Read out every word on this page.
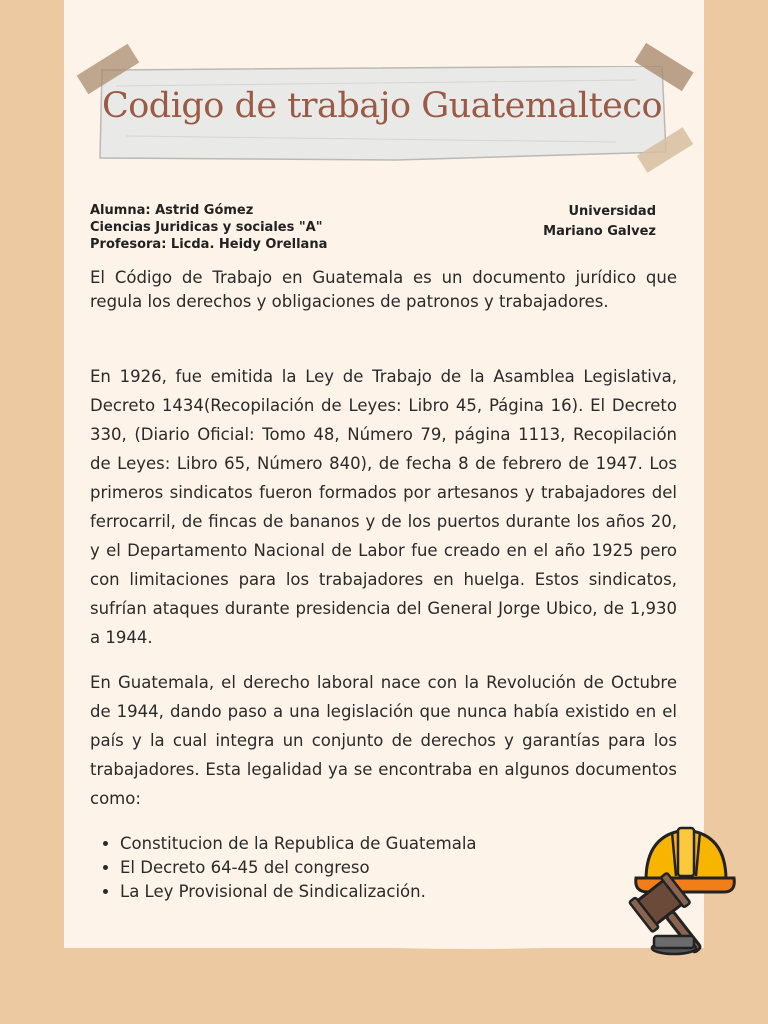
Codigo de trabajo Guatemalteco
Alumna: Astrid Gómez
Ciencias Juridicas y sociales "A"
Profesora: Licda. Heidy Orellana
Universidad
Mariano Galvez

El Código de Trabajo en Guatemala es un documento jurídico que regula los derechos y obligaciones de patronos y trabajadores.

En 1926, fue emitida la Ley de Trabajo de la Asamblea Legislativa, Decreto 1434(Recopilación de Leyes: Libro 45, Página 16). El Decreto 330, (Diario Oficial: Tomo 48, Número 79, página 1113, Recopilación de Leyes: Libro 65, Número 840), de fecha 8 de febrero de 1947. Los primeros sindicatos fueron formados por artesanos y trabajadores del ferrocarril, de fincas de bananos y de los puertos durante los años 20, y el Departamento Nacional de Labor fue creado en el año 1925 pero con limitaciones para los trabajadores en huelga. Estos sindicatos, sufrían ataques durante presidencia del General Jorge Ubico, de 1,930 a 1944.

En Guatemala, el derecho laboral nace con la Revolución de Octubre de 1944, dando paso a una legislación que nunca había existido en el país y la cual integra un conjunto de derechos y garantías para los trabajadores. Esta legalidad ya se encontraba en algunos documentos como:

• Constitucion de la Republica de Guatemala
• El Decreto 64-45 del congreso
• La Ley Provisional de Sindicalización.
